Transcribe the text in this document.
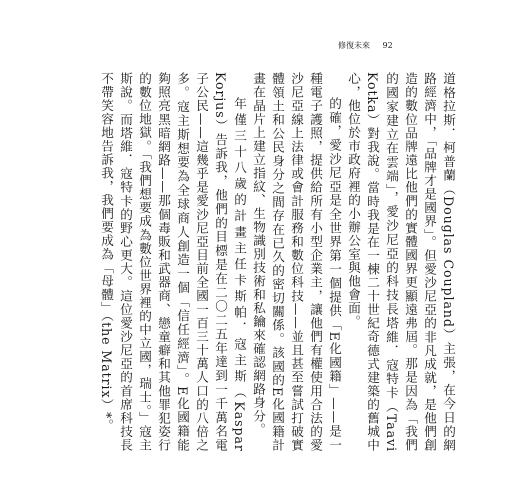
修復未來 92

道格拉斯．柯普蘭（Douglas Coupland）主張，在今日的網路經濟中，「品牌才是國界」。但愛沙尼亞的非凡成就，是他們創造的數位品牌遠比他們的實體國界更顯遠弗屆。那是因為「我們的國家建立在雲端」，愛沙尼亞的科技長塔維．寇特卡（Taavi Kotka）對我說。當時我是在一棟二十世紀奇德式建築的舊城中心，他位於市政府裡的小辦公室與他會面。

的確，愛沙尼亞是全世界第一個提供「E化國籍」——是一種電子護照，提供給所有小型企業主，讓他們有權使用合法的愛沙尼亞線上法律或會計服務和數位科技——並且甚至嘗試打破實體領土和公民身分之間存在已久的密切關係。該國的E化國籍計畫在晶片上建立指紋、生物識別技術和私鑰來確認網路身分。

年僅三十八歲的計畫主任卡斯帕．寇主斯（Kaspar Korjus）告訴我，他們的目標是在二〇二五年達到一千萬名電子公民——這幾乎是愛沙尼亞目前全國一百三十萬人口的八倍之多。寇主斯想要為全球商人創造一個「信任經濟」。E化國籍能夠照亮黑暗網路——那個毒販和武器商、戀童癖和其他罪犯姿行的數位地獄。「我們想要成為數位世界裡的中立國，瑞士。」寇主斯說。而塔維．寇特卡的野心更大。這位愛沙尼亞的首席科技長不帶笑容地告訴我，我們要成為「母體」（the Matrix）*。
